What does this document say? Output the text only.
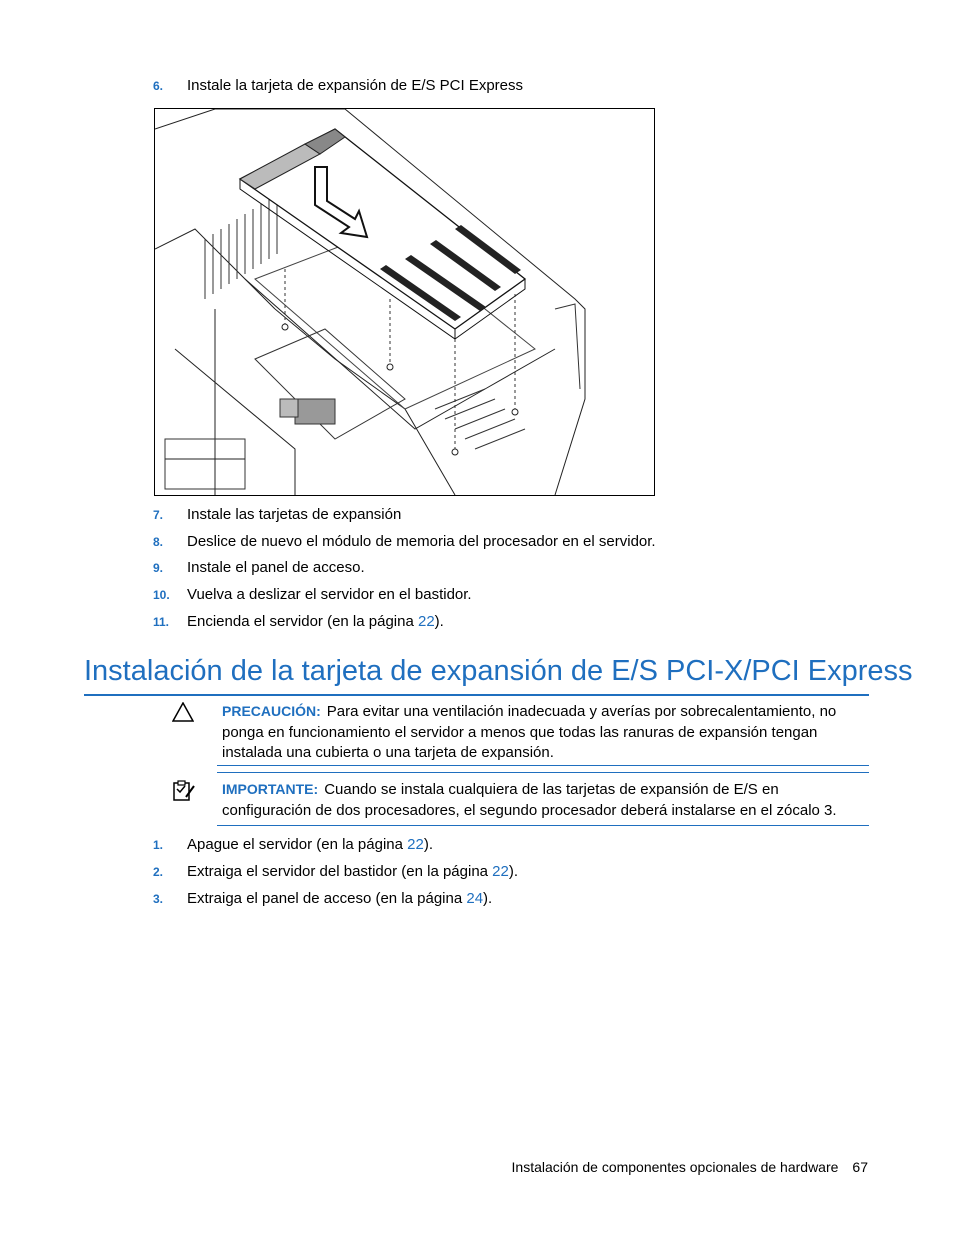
6. Instale la tarjeta de expansión de E/S PCI Express
7. Instale las tarjetas de expansión
8. Deslice de nuevo el módulo de memoria del procesador en el servidor.
9. Instale el panel de acceso.
10. Vuelva a deslizar el servidor en el bastidor.
11. Encienda el servidor (en la página 22).
Instalación de la tarjeta de expansión de E/S PCI-X/PCI Express
PRECAUCIÓN: Para evitar una ventilación inadecuada y averías por sobrecalentamiento, no ponga en funcionamiento el servidor a menos que todas las ranuras de expansión tengan instalada una cubierta o una tarjeta de expansión.
IMPORTANTE: Cuando se instala cualquiera de las tarjetas de expansión de E/S en configuración de dos procesadores, el segundo procesador deberá instalarse en el zócalo 3.
1. Apague el servidor (en la página 22).
2. Extraiga el servidor del bastidor (en la página 22).
3. Extraiga el panel de acceso (en la página 24).
Instalación de componentes opcionales de hardware 67
